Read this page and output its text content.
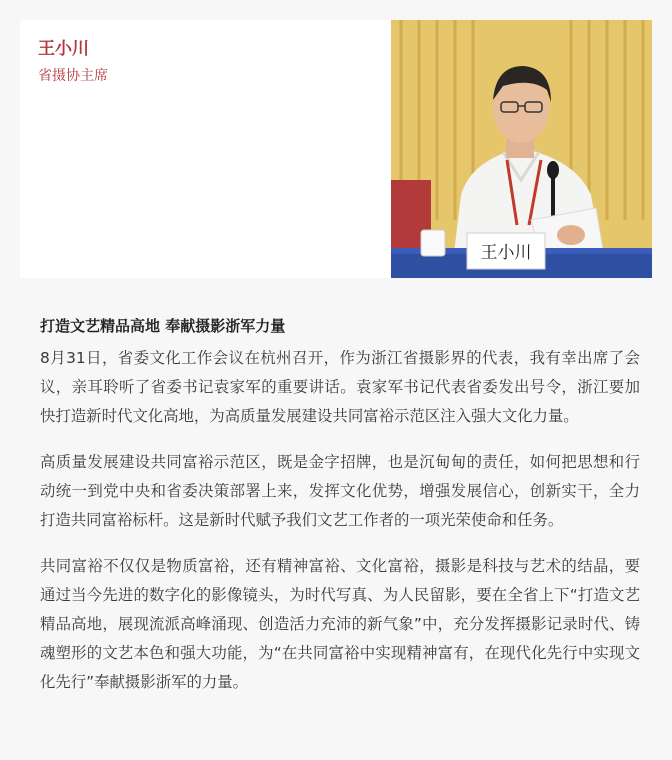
王小川
省摄协主席
王小川
打造文艺精品高地 奉献摄影浙军力量

8月31日，省委文化工作会议在杭州召开，作为浙江省摄影界的代表，我有幸出席了会议，亲耳聆听了省委书记袁家军的重要讲话。袁家军书记代表省委发出号令，浙江要加快打造新时代文化高地，为高质量发展建设共同富裕示范区注入强大文化力量。

高质量发展建设共同富裕示范区，既是金字招牌，也是沉甸甸的责任，如何把思想和行动统一到党中央和省委决策部署上来，发挥文化优势，增强发展信心，创新实干，全力打造共同富裕标杆。这是新时代赋予我们文艺工作者的一项光荣使命和任务。

共同富裕不仅仅是物质富裕，还有精神富裕、文化富裕，摄影是科技与艺术的结晶，要通过当今先进的数字化的影像镜头，为时代写真、为人民留影，要在全省上下“打造文艺精品高地，展现流派高峰涌现、创造活力充沛的新气象”中，充分发挥摄影记录时代、铸魂塑形的文艺本色和强大功能，为“在共同富裕中实现精神富有，在现代化先行中实现文化先行”奉献摄影浙军的力量。
